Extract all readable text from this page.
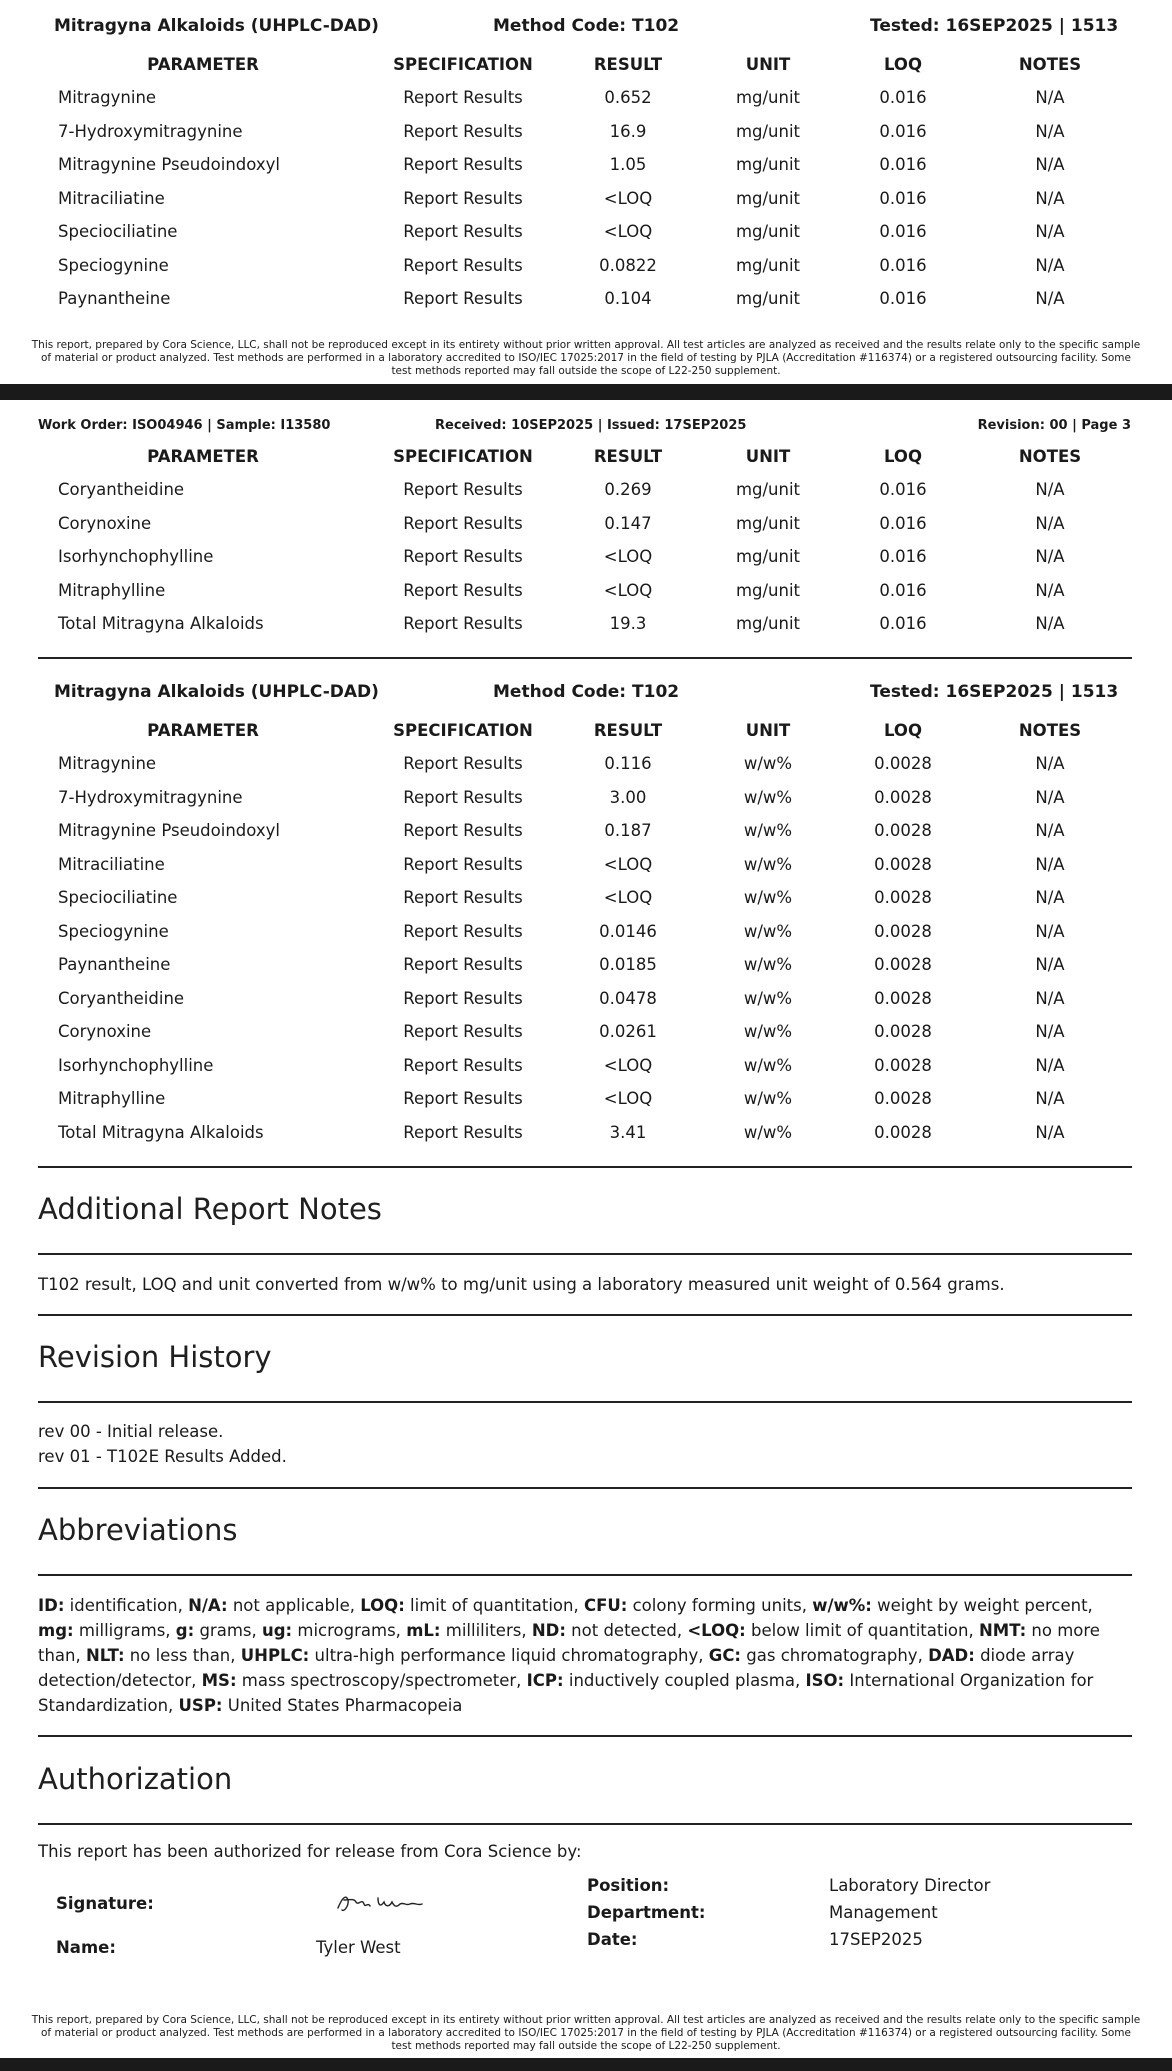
Mitragyna Alkaloids (UHPLC-DAD)	Method Code: T102	Tested: 16SEP2025 | 1513
PARAMETER	SPECIFICATION	RESULT	UNIT	LOQ	NOTES
Mitragynine	Report Results	0.652	mg/unit	0.016	N/A
7-Hydroxymitragynine	Report Results	16.9	mg/unit	0.016	N/A
Mitragynine Pseudoindoxyl	Report Results	1.05	mg/unit	0.016	N/A
Mitraciliatine	Report Results	<LOQ	mg/unit	0.016	N/A
Speciociliatine	Report Results	<LOQ	mg/unit	0.016	N/A
Speciogynine	Report Results	0.0822	mg/unit	0.016	N/A
Paynantheine	Report Results	0.104	mg/unit	0.016	N/A
This report, prepared by Cora Science, LLC, shall not be reproduced except in its entirety without prior written approval. All test articles are analyzed as received and the results relate only to the specific sample of material or product analyzed. Test methods are performed in a laboratory accredited to ISO/IEC 17025:2017 in the field of testing by PJLA (Accreditation #116374) or a registered outsourcing facility. Some test methods reported may fall outside the scope of L22-250 supplement.
Work Order: ISO04946 | Sample: I13580	Received: 10SEP2025 | Issued: 17SEP2025	Revision: 00 | Page 3
PARAMETER	SPECIFICATION	RESULT	UNIT	LOQ	NOTES
Coryantheidine	Report Results	0.269	mg/unit	0.016	N/A
Corynoxine	Report Results	0.147	mg/unit	0.016	N/A
Isorhynchophylline	Report Results	<LOQ	mg/unit	0.016	N/A
Mitraphylline	Report Results	<LOQ	mg/unit	0.016	N/A
Total Mitragyna Alkaloids	Report Results	19.3	mg/unit	0.016	N/A
Mitragyna Alkaloids (UHPLC-DAD)	Method Code: T102	Tested: 16SEP2025 | 1513
PARAMETER	SPECIFICATION	RESULT	UNIT	LOQ	NOTES
Mitragynine	Report Results	0.116	w/w%	0.0028	N/A
7-Hydroxymitragynine	Report Results	3.00	w/w%	0.0028	N/A
Mitragynine Pseudoindoxyl	Report Results	0.187	w/w%	0.0028	N/A
Mitraciliatine	Report Results	<LOQ	w/w%	0.0028	N/A
Speciociliatine	Report Results	<LOQ	w/w%	0.0028	N/A
Speciogynine	Report Results	0.0146	w/w%	0.0028	N/A
Paynantheine	Report Results	0.0185	w/w%	0.0028	N/A
Coryantheidine	Report Results	0.0478	w/w%	0.0028	N/A
Corynoxine	Report Results	0.0261	w/w%	0.0028	N/A
Isorhynchophylline	Report Results	<LOQ	w/w%	0.0028	N/A
Mitraphylline	Report Results	<LOQ	w/w%	0.0028	N/A
Total Mitragyna Alkaloids	Report Results	3.41	w/w%	0.0028	N/A
Additional Report Notes
T102 result, LOQ and unit converted from w/w% to mg/unit using a laboratory measured unit weight of 0.564 grams.
Revision History
rev 00 - Initial release.
rev 01 - T102E Results Added.
Abbreviations
ID: identification, N/A: not applicable, LOQ: limit of quantitation, CFU: colony forming units, w/w%: weight by weight percent, mg: milligrams, g: grams, ug: micrograms, mL: milliliters, ND: not detected, <LOQ: below limit of quantitation, NMT: no more than, NLT: no less than, UHPLC: ultra-high performance liquid chromatography, GC: gas chromatography, DAD: diode array detection/detector, MS: mass spectroscopy/spectrometer, ICP: inductively coupled plasma, ISO: International Organization for Standardization, USP: United States Pharmacopeia
Authorization
This report has been authorized for release from Cora Science by:
Signature:
Name:	Tyler West
Position:	Laboratory Director
Department:	Management
Date:	17SEP2025
This report, prepared by Cora Science, LLC, shall not be reproduced except in its entirety without prior written approval. All test articles are analyzed as received and the results relate only to the specific sample of material or product analyzed. Test methods are performed in a laboratory accredited to ISO/IEC 17025:2017 in the field of testing by PJLA (Accreditation #116374) or a registered outsourcing facility. Some test methods reported may fall outside the scope of L22-250 supplement.
